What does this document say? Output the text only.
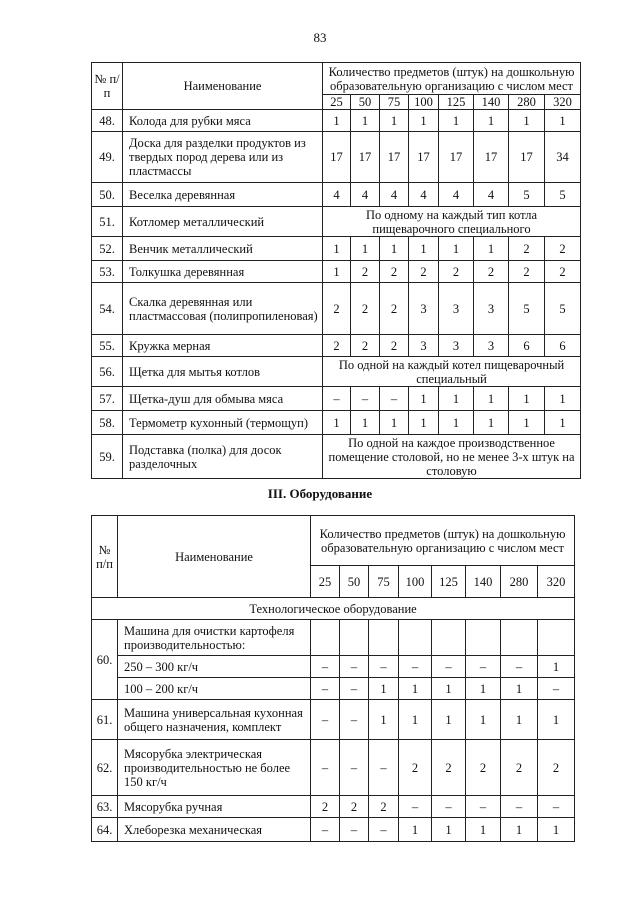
83
№ п/п	Наименование	Количество предметов (штук) на дошкольную образовательную организацию с числом мест							
		25	50	75	100	125	140	280	320
48.	Колода для рубки мяса	1	1	1	1	1	1	1	1
49.	Доска для разделки продуктов из твердых пород дерева или из пластмассы	17	17	17	17	17	17	17	34
50.	Веселка деревянная	4	4	4	4	4	4	5	5
51.	Котломер металлический	По одному на каждый тип котла пищеварочного специального							
52.	Венчик металлический	1	1	1	1	1	1	2	2
53.	Толкушка деревянная	1	2	2	2	2	2	2	2
54.	Скалка деревянная или пластмассовая (полипропиленовая)	2	2	2	3	3	3	5	5
55.	Кружка мерная	2	2	2	3	3	3	6	6
56.	Щетка для мытья котлов	По одной на каждый котел пищеварочный специальный							
57.	Щетка-душ для обмыва мяса	–	–	–	1	1	1	1	1
58.	Термометр кухонный (термощуп)	1	1	1	1	1	1	1	1
59.	Подставка (полка) для досок разделочных	По одной на каждое производственное помещение столовой, но не менее 3-х штук на столовую							
III. Оборудование
№ п/п	Наименование	Количество предметов (штук) на дошкольную образовательную организацию с числом мест							
		25	50	75	100	125	140	280	320
Технологическое оборудование									
60.	Машина для очистки картофеля производительностью:								
	250 – 300 кг/ч	–	–	–	–	–	–	–	1
	100 – 200 кг/ч	–	–	1	1	1	1	1	–
61.	Машина универсальная кухонная общего назначения, комплект	–	–	1	1	1	1	1	1
62.	Мясорубка электрическая производительностью не более 150 кг/ч	–	–	–	2	2	2	2	2
63.	Мясорубка ручная	2	2	2	–	–	–	–	–
64.	Хлеборезка механическая	–	–	–	1	1	1	1	1
